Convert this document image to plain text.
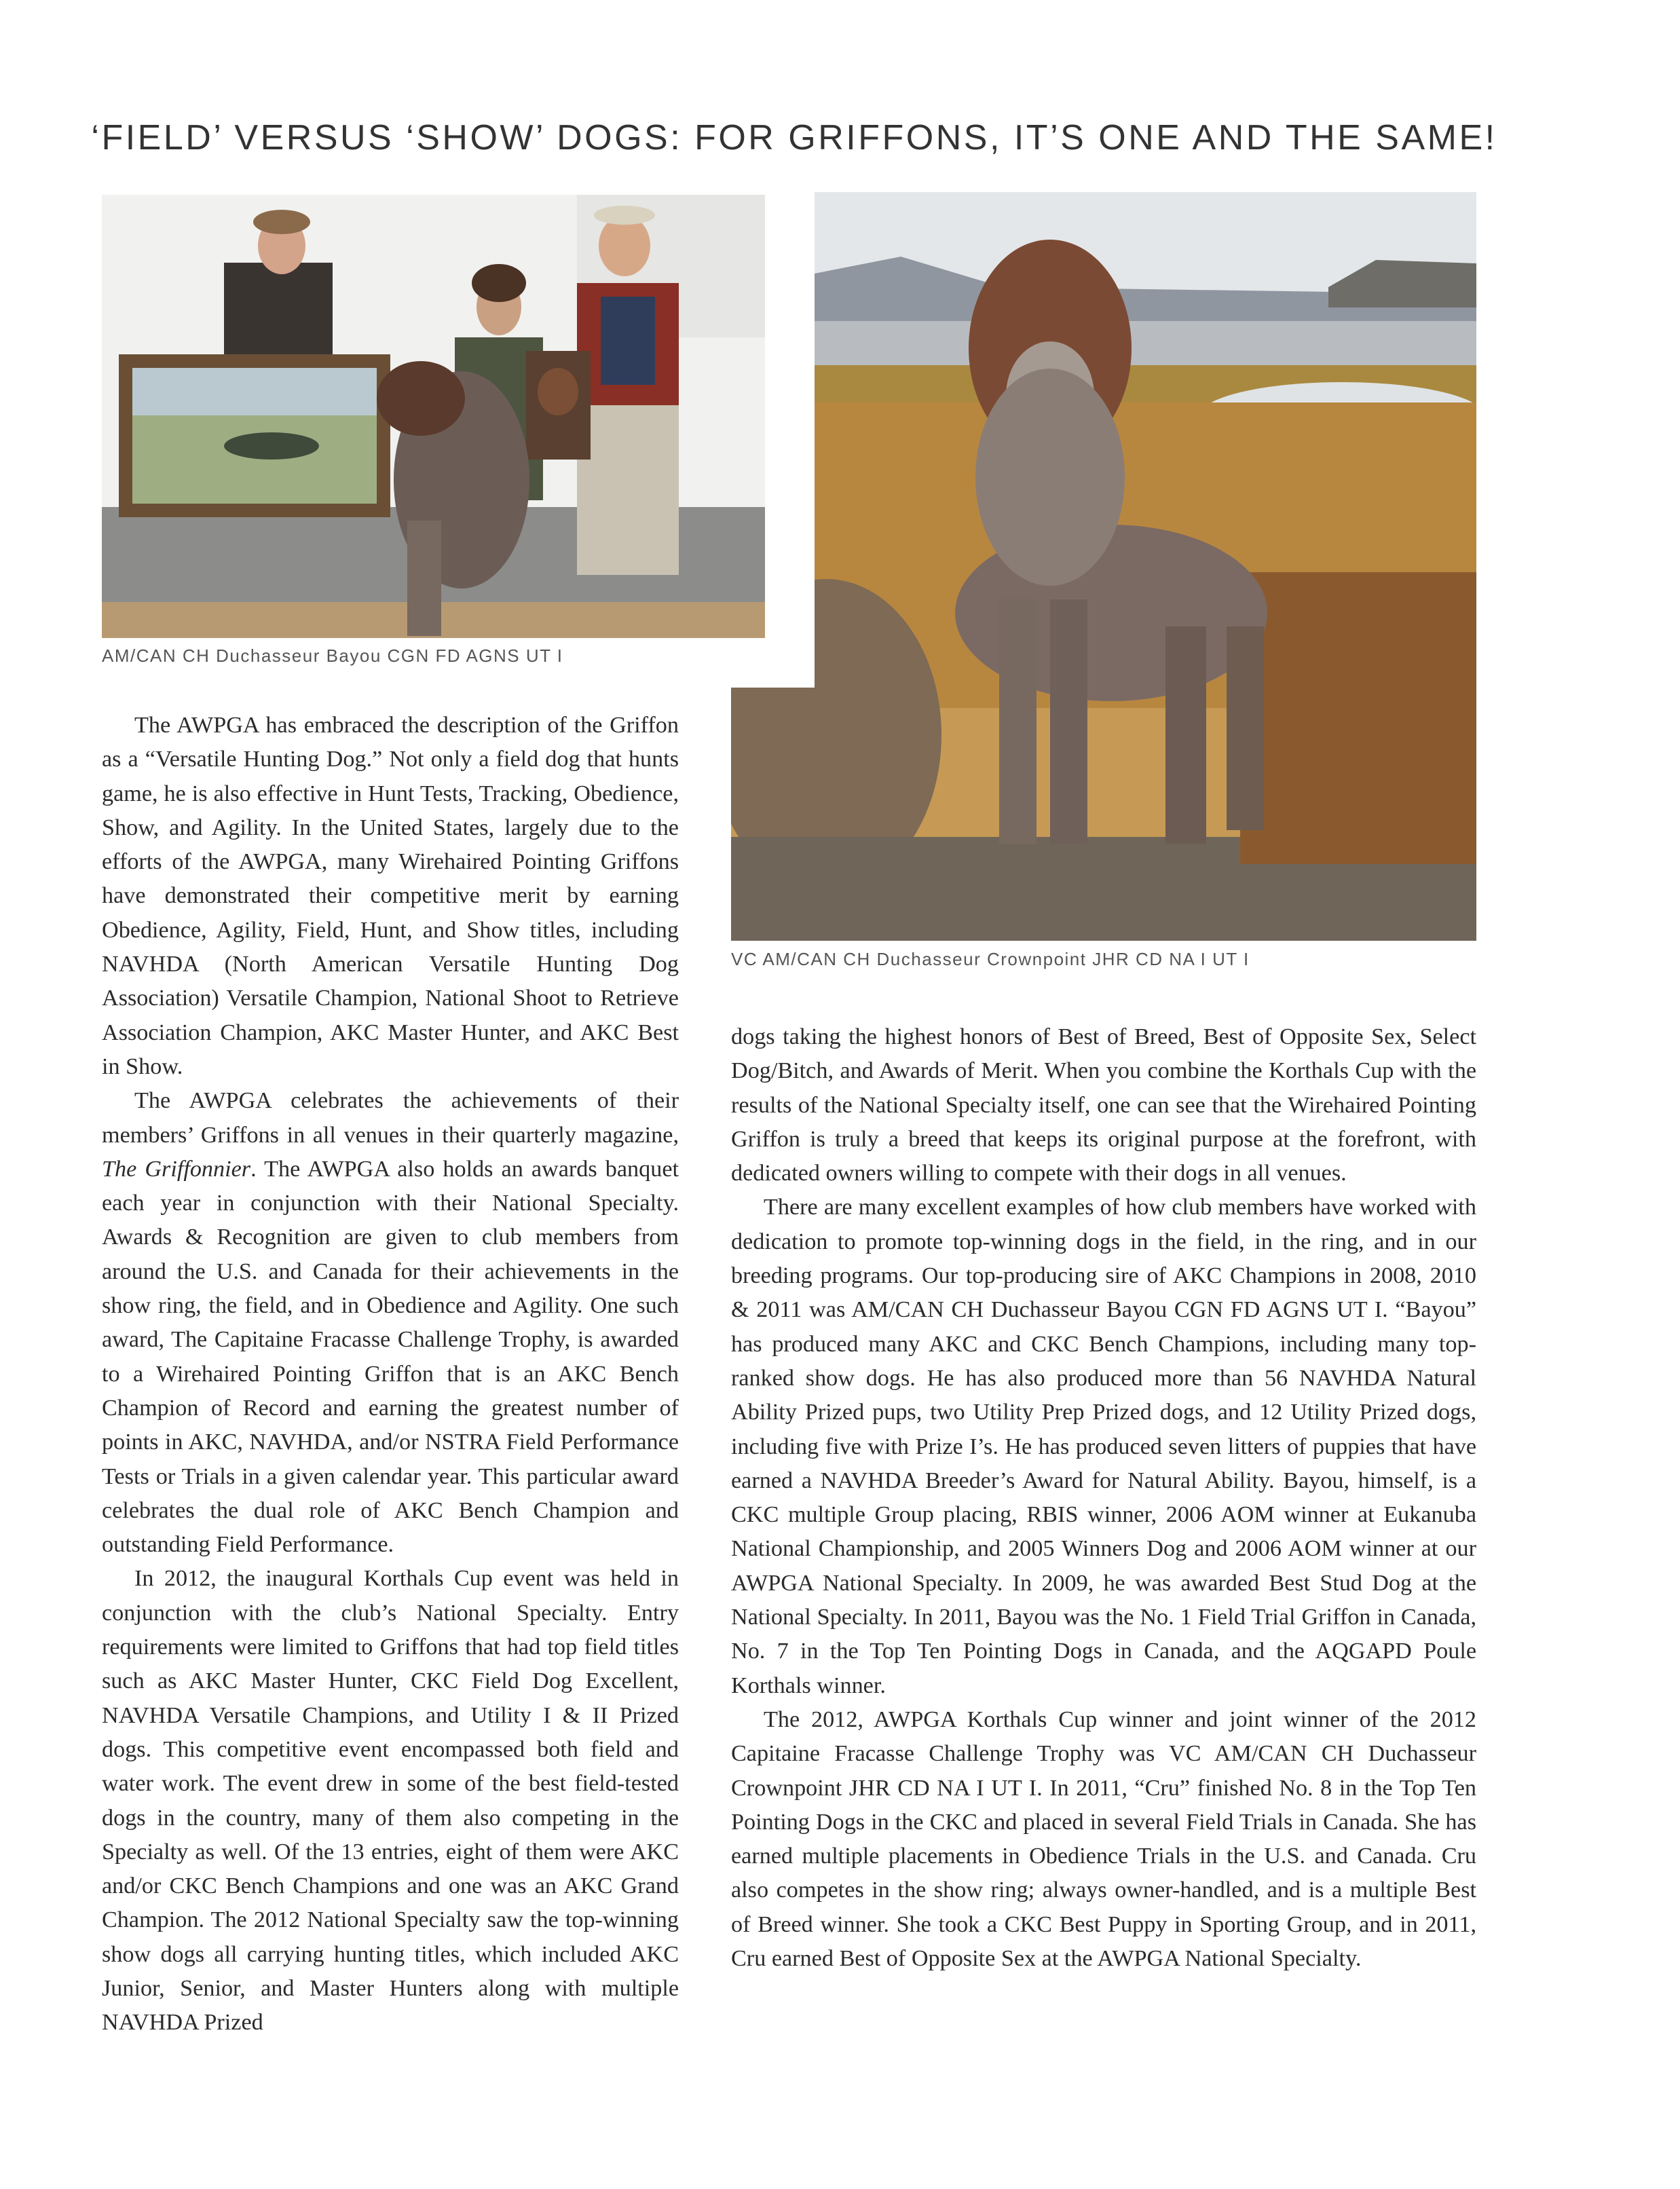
‘FIELD’ VERSUS ‘SHOW’ DOGS: FOR GRIFFONS, IT’S ONE AND THE SAME!
AM/CAN CH Duchasseur Bayou CGN FD AGNS UT I
VC AM/CAN CH Duchasseur Crownpoint JHR CD NA I UT I

The AWPGA has embraced the description of the Griffon as a “Versatile Hunting Dog.” Not only a field dog that hunts game, he is also effective in Hunt Tests, Tracking, Obedience, Show, and Agility. In the United States, largely due to the efforts of the AWPGA, many Wirehaired Pointing Griffons have demonstrated their competitive merit by earning Obedience, Agility, Field, Hunt, and Show titles, including NAVHDA (North American Versatile Hunting Dog Association) Versatile Champion, National Shoot to Retrieve Association Champion, AKC Master Hunter, and AKC Best in Show.

The AWPGA celebrates the achievements of their members’ Griffons in all venues in their quarterly magazine, The Griffonnier. The AWPGA also holds an awards banquet each year in conjunction with their National Specialty. Awards & Recognition are given to club members from around the U.S. and Canada for their achievements in the show ring, the field, and in Obedience and Agility. One such award, The Capitaine Fracasse Challenge Trophy, is awarded to a Wirehaired Pointing Griffon that is an AKC Bench Champion of Record and earning the greatest number of points in AKC, NAVHDA, and/or NSTRA Field Performance Tests or Trials in a given calendar year. This particular award celebrates the dual role of AKC Bench Champion and outstanding Field Performance.

In 2012, the inaugural Korthals Cup event was held in conjunction with the club’s National Specialty. Entry requirements were limited to Griffons that had top field titles such as AKC Master Hunter, CKC Field Dog Excellent, NAVHDA Versatile Champions, and Utility I & II Prized dogs. This competitive event encompassed both field and water work. The event drew in some of the best field-tested dogs in the country, many of them also competing in the Specialty as well. Of the 13 entries, eight of them were AKC and/or CKC Bench Champions and one was an AKC Grand Champion. The 2012 National Specialty saw the top-winning show dogs all carrying hunting titles, which included AKC Junior, Senior, and Master Hunters along with multiple NAVHDA Prized

dogs taking the highest honors of Best of Breed, Best of Opposite Sex, Select Dog/Bitch, and Awards of Merit. When you combine the Korthals Cup with the results of the National Specialty itself, one can see that the Wirehaired Pointing Griffon is truly a breed that keeps its original purpose at the forefront, with dedicated owners willing to compete with their dogs in all venues.

There are many excellent examples of how club members have worked with dedication to promote top-winning dogs in the field, in the ring, and in our breeding programs. Our top-producing sire of AKC Champions in 2008, 2010 & 2011 was AM/CAN CH Duchasseur Bayou CGN FD AGNS UT I. “Bayou” has produced many AKC and CKC Bench Champions, including many top-ranked show dogs. He has also produced more than 56 NAVHDA Natural Ability Prized pups, two Utility Prep Prized dogs, and 12 Utility Prized dogs, including five with Prize I’s. He has produced seven litters of puppies that have earned a NAVHDA Breeder’s Award for Natural Ability. Bayou, himself, is a CKC multiple Group placing, RBIS winner, 2006 AOM winner at Eukanuba National Championship, and 2005 Winners Dog and 2006 AOM winner at our AWPGA National Specialty. In 2009, he was awarded Best Stud Dog at the National Specialty. In 2011, Bayou was the No. 1 Field Trial Griffon in Canada, No. 7 in the Top Ten Pointing Dogs in Canada, and the AQGAPD Poule Korthals winner.

The 2012, AWPGA Korthals Cup winner and joint winner of the 2012 Capitaine Fracasse Challenge Trophy was VC AM/CAN CH Duchasseur Crownpoint JHR CD NA I UT I. In 2011, “Cru” finished No. 8 in the Top Ten Pointing Dogs in the CKC and placed in several Field Trials in Canada. She has earned multiple placements in Obedience Trials in the U.S. and Canada. Cru also competes in the show ring; always owner-handled, and is a multiple Best of Breed winner. She took a CKC Best Puppy in Sporting Group, and in 2011, Cru earned Best of Opposite Sex at the AWPGA National Specialty.
